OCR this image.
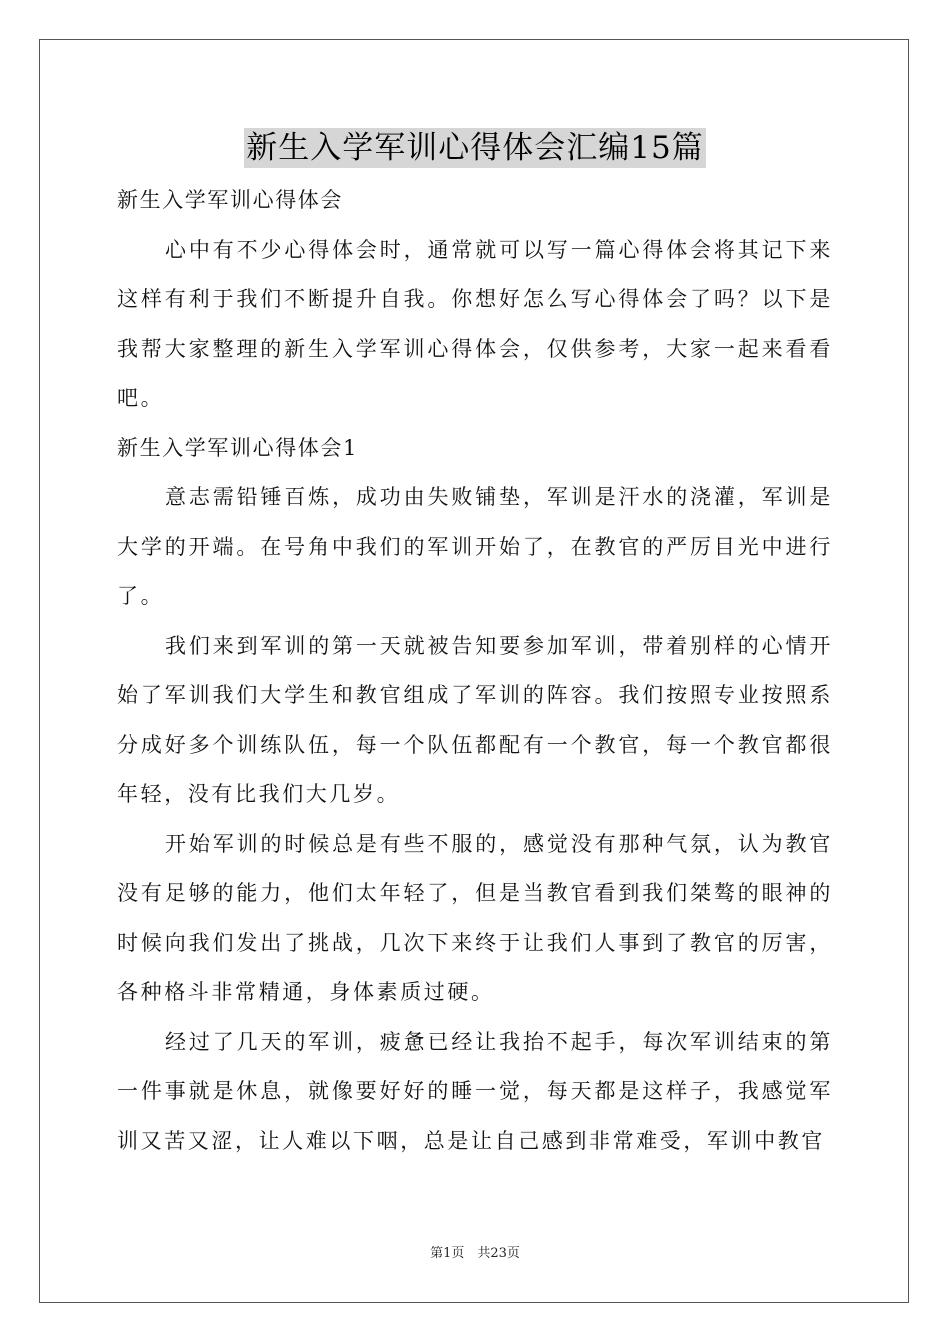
新生入学军训心得体会汇编15篇

新生入学军训心得体会

心中有不少心得体会时，通常就可以写一篇心得体会将其记下来这样有利于我们不断提升自我。你想好怎么写心得体会了吗？以下是我帮大家整理的新生入学军训心得体会，仅供参考，大家一起来看看吧。

新生入学军训心得体会1

意志需铅锤百炼，成功由失败铺垫，军训是汗水的浇灌，军训是大学的开端。在号角中我们的军训开始了，在教官的严厉目光中进行了。

我们来到军训的第一天就被告知要参加军训，带着别样的心情开始了军训我们大学生和教官组成了军训的阵容。我们按照专业按照系分成好多个训练队伍，每一个队伍都配有一个教官，每一个教官都很年轻，没有比我们大几岁。

开始军训的时候总是有些不服的，感觉没有那种气氛，认为教官没有足够的能力，他们太年轻了，但是当教官看到我们桀骜的眼神的时候向我们发出了挑战，几次下来终于让我们人事到了教官的厉害，各种格斗非常精通，身体素质过硬。

经过了几天的军训，疲惫已经让我抬不起手，每次军训结束的第一件事就是休息，就像要好好的睡一觉，每天都是这样子，我感觉军训又苦又涩，让人难以下咽，总是让自己感到非常难受，军训中教官

第1页　共23页
